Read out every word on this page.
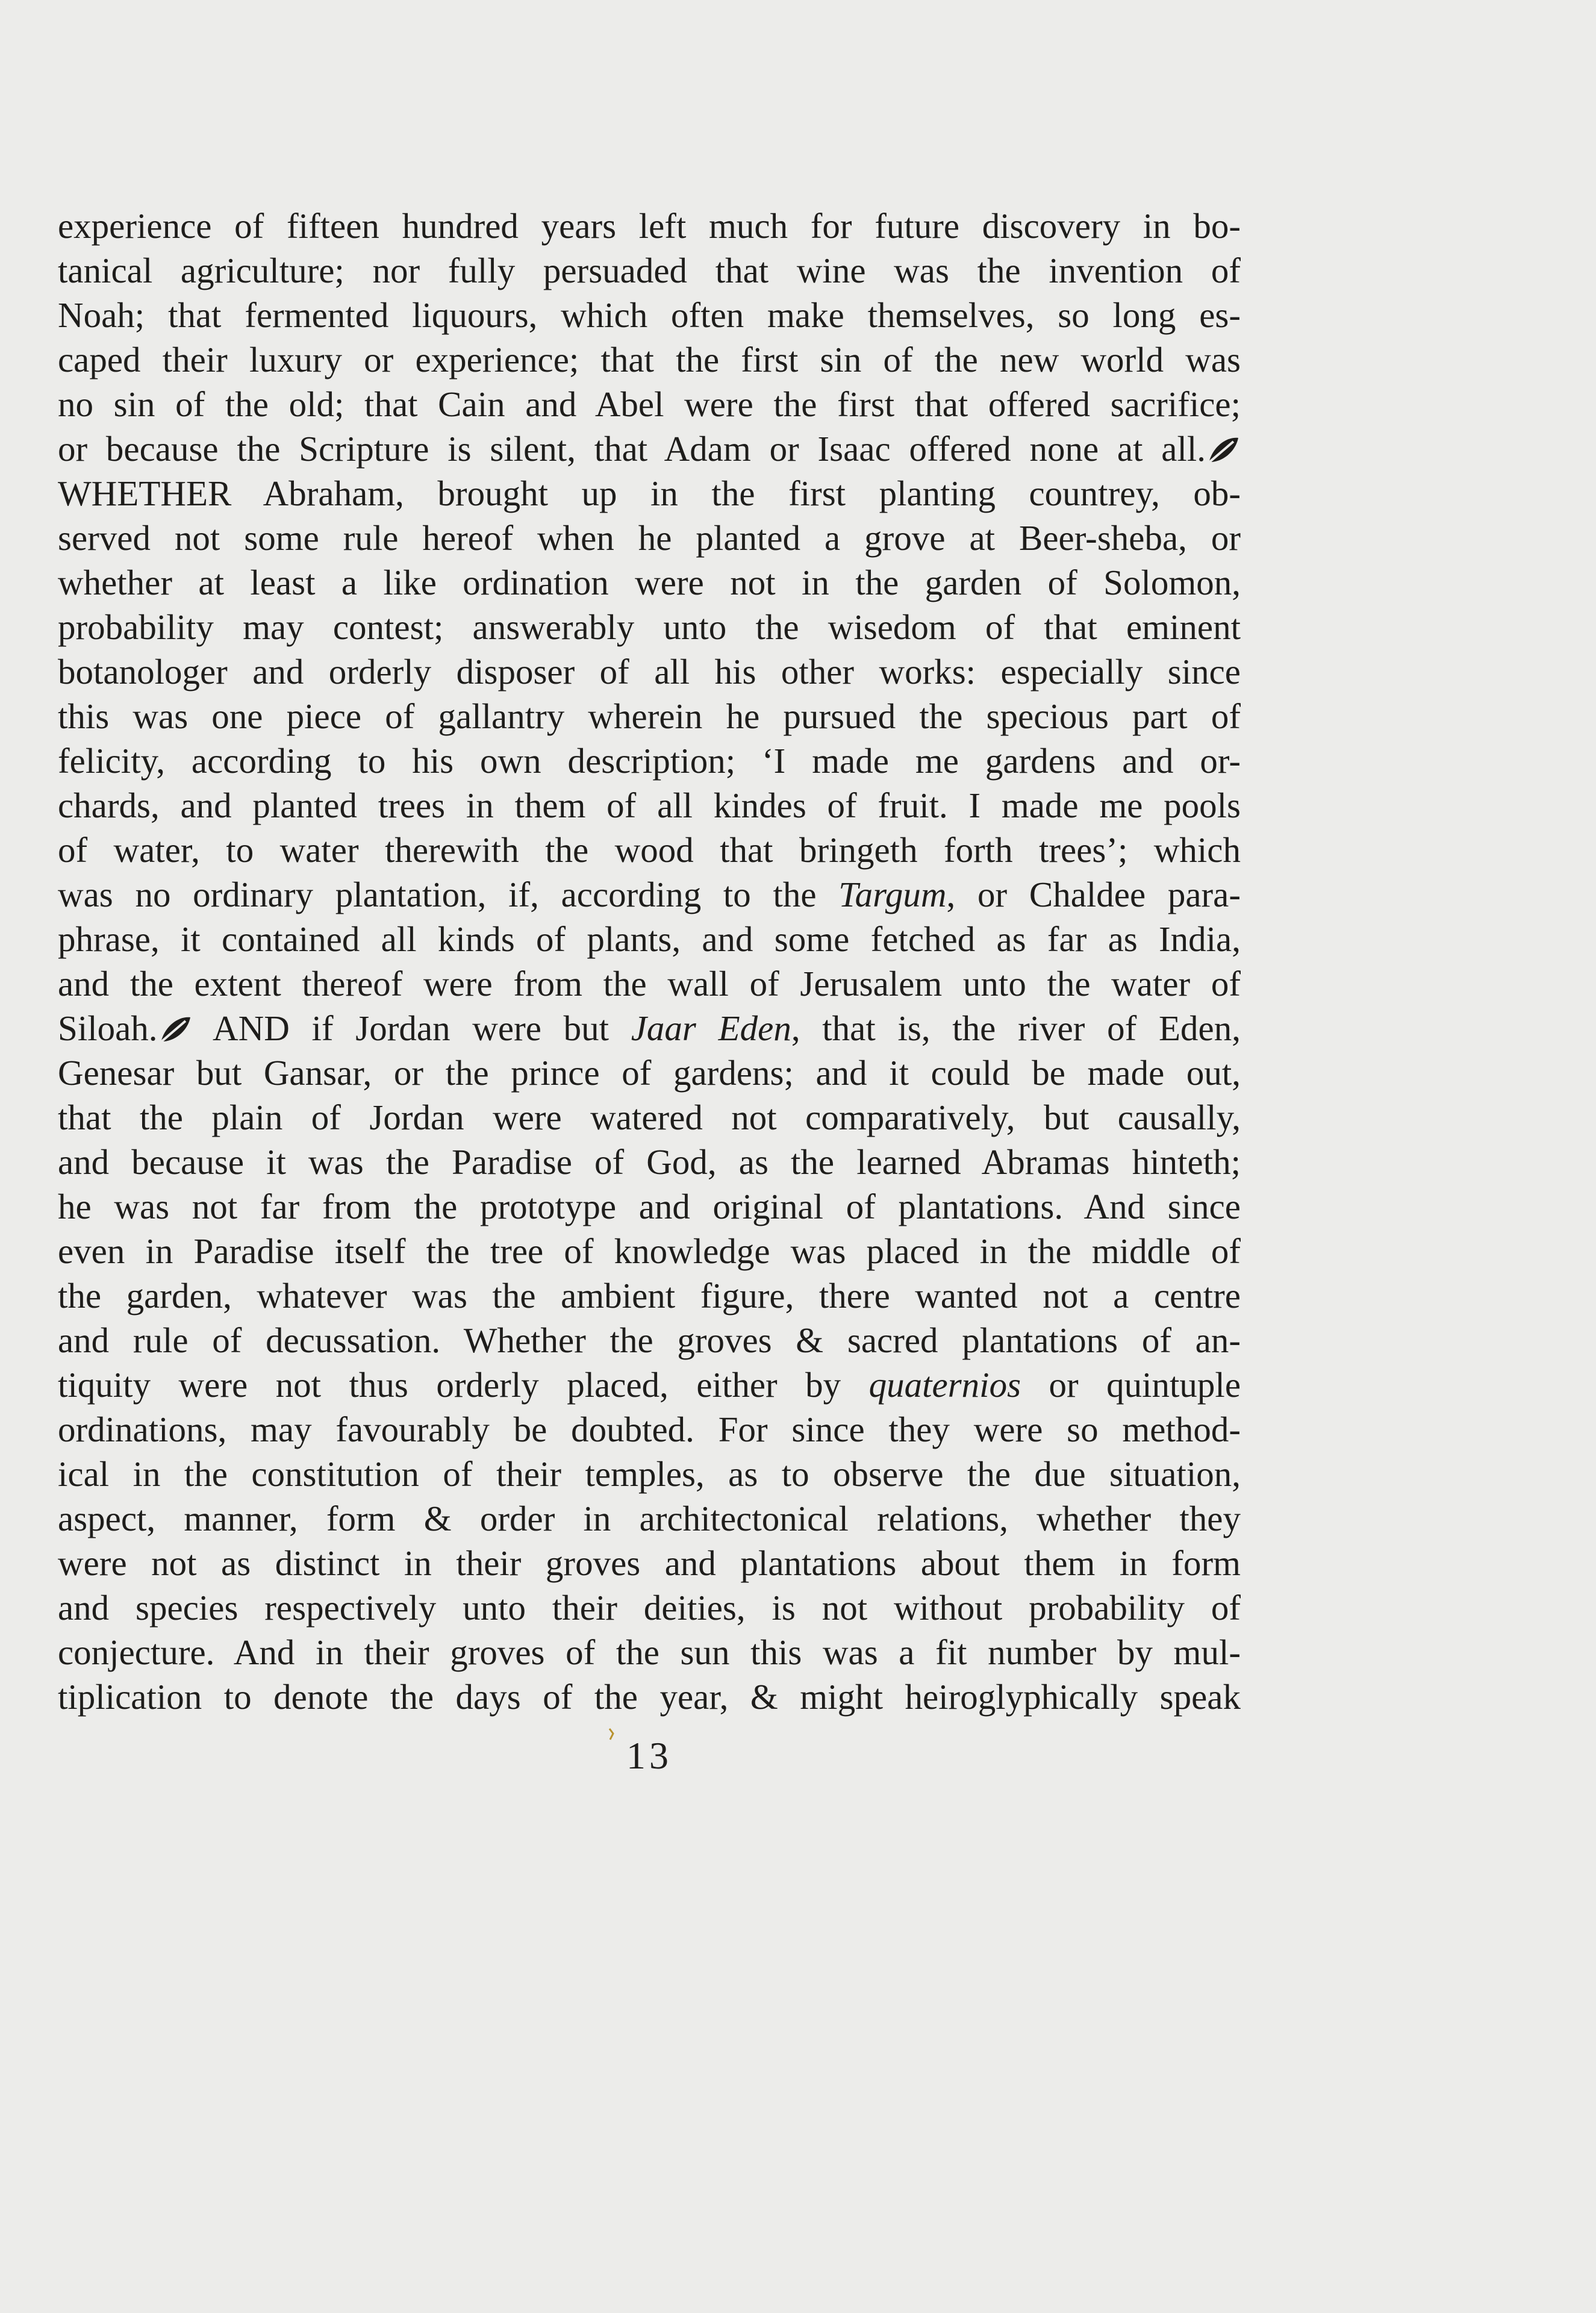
experience of fifteen hundred years left much for future discovery in bo-
tanical agriculture; nor fully persuaded that wine was the invention of
Noah; that fermented liquours, which often make themselves, so long es-
caped their luxury or experience; that the first sin of the new world was
no sin of the old; that Cain and Abel were the first that offered sacrifice;
or because the Scripture is silent, that Adam or Isaac offered none at all.
WHETHER Abraham, brought up in the first planting countrey, ob-
served not some rule hereof when he planted a grove at Beer-sheba, or
whether at least a like ordination were not in the garden of Solomon,
probability may contest; answerably unto the wisedom of that eminent
botanologer and orderly disposer of all his other works: especially since
this was one piece of gallantry wherein he pursued the specious part of
felicity, according to his own description; ‘I made me gardens and or-
chards, and planted trees in them of all kindes of fruit. I made me pools
of water, to water therewith the wood that bringeth forth trees’; which
was no ordinary plantation, if, according to the Targum, or Chaldee para-
phrase, it contained all kinds of plants, and some fetched as far as India,
and the extent thereof were from the wall of Jerusalem unto the water of
Siloah.
AND if Jordan were but Jaar Eden, that is, the river of Eden,
Genesar but Gansar, or the prince of gardens; and it could be made out,
that the plain of Jordan were watered not comparatively, but causally,
and because it was the Paradise of God, as the learned Abramas hinteth;
he was not far from the prototype and original of plantations. And since
even in Paradise itself the tree of knowledge was placed in the middle of
the garden, whatever was the ambient figure, there wanted not a centre
and rule of decussation. Whether the groves & sacred plantations of an-
tiquity were not thus orderly placed, either by quaternios or quintuple
ordinations, may favourably be doubted. For since they were so method-
ical in the constitution of their temples, as to observe the due situation,
aspect, manner, form & order in architectonical relations, whether they
were not as distinct in their groves and plantations about them in form
and species respectively unto their deities, is not without probability of
conjecture. And in their groves of the sun this was a fit number by mul-
tiplication to denote the days of the year, & might heiroglyphically speak
13
